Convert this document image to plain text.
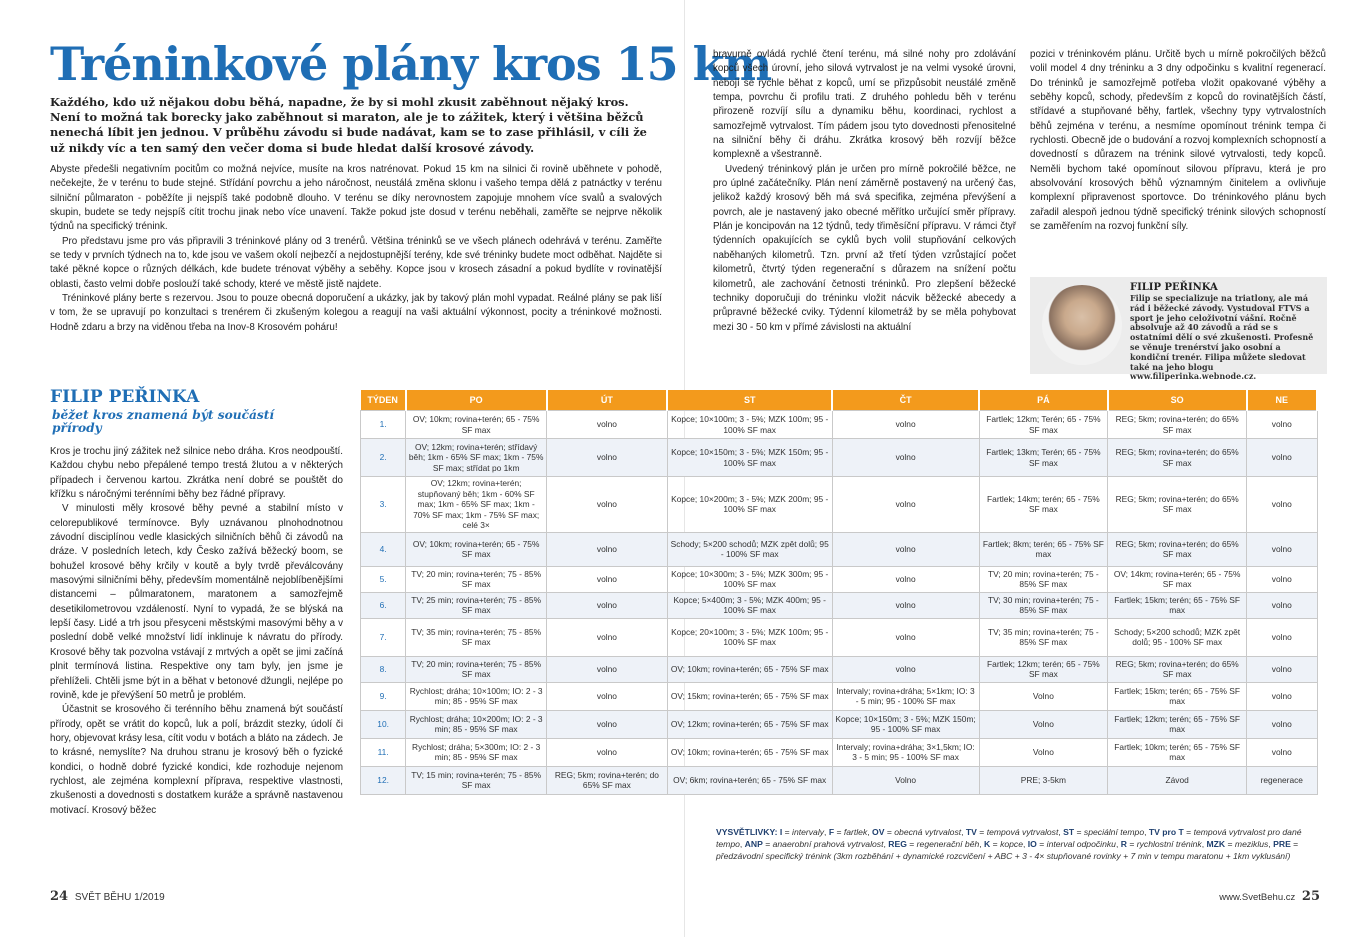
Tréninkové plány kros 15 km
Každého, kdo už nějakou dobu běhá, napadne, že by si mohl zkusit zaběhnout nějaký kros. Není to možná tak borecky jako zaběhnout si maraton, ale je to zážitek, který i většina běžců nenechá líbit jen jednou. V průběhu závodu si bude nadávat, kam se to zase přihlásil, v cíli že už nikdy víc a ten samý den večer doma si bude hledat další krosové závody.

Abyste předešli negativním pocitům co možná nejvíce, musíte na kros natrénovat. Pokud 15 km na silnici či rovině uběhnete v pohodě, nečekejte, že v terénu to bude stejné. Střídání povrchu a jeho náročnost, neustálá změna sklonu i vašeho tempa dělá z patnáctky v terénu silniční půlmaraton - poběžíte ji nejspíš také podobně dlouho. V terénu se díky nerovnostem zapojuje mnohem více svalů a svalových skupin, budete se tedy nejspíš cítit trochu jinak nebo více unavení. Takže pokud jste dosud v terénu neběhali, zaměřte se nejprve několik týdnů na specifický trénink.

Pro představu jsme pro vás připravili 3 tréninkové plány od 3 trenérů. Většina tréninků se ve všech plánech odehrává v terénu. Zaměřte se tedy v prvních týdnech na to, kde jsou ve vašem okolí nejbezčí a nejdostupnější terény, kde své tréninky budete moct odběhat. Najděte si také pěkné kopce o různých délkách, kde budete trénovat výběhy a seběhy. Kopce jsou v krosech zásadní a pokud bydlíte v rovinatější oblasti, často velmi dobře poslouží také schody, které ve městě jistě najdete.

Tréninkové plány berte s rezervou. Jsou to pouze obecná doporučení a ukázky, jak by takový plán mohl vypadat. Reálné plány se pak liší v tom, že se upravují po konzultaci s trenérem či zkušeným kolegou a reagují na vaši aktuální výkonnost, pocity a tréninkové možnosti. Hodně zdaru a brzy na viděnou třeba na Inov-8 Krosovém poháru!

bravurně ovládá rychlé čtení terénu, má silné nohy pro zdolávání kopců všech úrovní, jeho silová vytrvalost je na velmi vysoké úrovni, nebojí se rychle běhat z kopců, umí se přizpůsobit neustálé změně tempa, povrchu či profilu trati. Z druhého pohledu běh v terénu přirozeně rozvíjí sílu a dynamiku běhu, koordinaci, rychlost a samozřejmě vytrvalost. Tím pádem jsou tyto dovednosti přenositelné na silniční běhy či dráhu. Zkrátka krosový běh rozvíjí běžce komplexně a všestranně.

Uvedený tréninkový plán je určen pro mírně pokročilé běžce, ne pro úplné začátečníky. Plán není záměrně postavený na určený čas, jelikož každý krosový běh má svá specifika, zejména převýšení a povrch, ale je nastavený jako obecné měřítko určující směr přípravy. Plán je koncipován na 12 týdnů, tedy třiměsíční přípravu. V rámci čtyř týdenních opakujících se cyklů bych volil stupňování celkových naběhaných kilometrů. Tzn. první až třetí týden vzrůstající počet kilometrů, čtvrtý týden regenerační s důrazem na snížení počtu kilometrů, ale zachování četnosti tréninků. Pro zlepšení běžecké techniky doporučuji do tréninku vložit nácvik běžecké abecedy a průpravné běžecké cviky. Týdenní kilometráž by se měla pohybovat mezi 30 - 50 km v přímé závislosti na aktuální

pozici v tréninkovém plánu. Určitě bych u mírně pokročilých běžců volil model 4 dny tréninku a 3 dny odpočinku s kvalitní regenerací. Do tréninků je samozřejmě potřeba vložit opakované výběhy a seběhy kopců, schody, především z kopců do rovinatějších částí, střídavé a stupňované běhy, fartlek, všechny typy vytrvalostních běhů zejména v terénu, a nesmíme opomínout trénink tempa či rychlosti. Obecně jde o budování a rozvoj komplexních schopností a dovedností s důrazem na trénink silové vytrvalosti, tedy kopců. Neměli bychom také opomínout silovou přípravu, která je pro absolvování krosových běhů významným činitelem a ovlivňuje komplexní připravenost sportovce. Do tréninkového plánu bych zařadil alespoň jednou týdně specifický trénink silových schopností se zaměřením na rozvoj funkční síly.

FILIP PEŘINKA
Filip se specializuje na triatlony, ale má rád i běžecké závody. Vystudoval FTVS a sport je jeho celoživotní vášní. Ročně absolvuje až 40 závodů a rád se s ostatními dělí o své zkušenosti. Profesně se věnuje trenérství jako osobní a kondiční trenér. Filipa můžete sledovat také na jeho blogu www.filiperinka.webnode.cz.
FILIP PEŘINKA
běžet kros znamená být součástí přírody

Kros je trochu jiný zážitek než silnice nebo dráha. Kros neodpouští. Každou chybu nebo přepálené tempo trestá žlutou a v některých případech i červenou kartou. Zkrátka není dobré se pouštět do křížku s náročnými terénními běhy bez řádné přípravy.

V minulosti měly krosové běhy pevné a stabilní místo v celorepublikové termínovce. Byly uznávanou plnohodnotnou závodní disciplínou vedle klasických silničních běhů či závodů na dráze. V posledních letech, kdy Česko zažívá běžecký boom, se bohužel krosové běhy krčily v koutě a byly tvrdě převálcovány masovými silničními běhy, především momentálně nejoblíbenějšími distancemi – půlmaratonem, maratonem a samozřejmě desetikilometrovou vzdáleností. Nyní to vypadá, že se blýská na lepší časy. Lidé a trh jsou přesyceni městskými masovými běhy a v poslední době velké množství lidí inklinuje k návratu do přírody. Krosové běhy tak pozvolna vstávají z mrtvých a opět se jimi začíná plnit termínová listina. Respektive ony tam byly, jen jsme je přehlíželi. Chtěli jsme být in a běhat v betonové džungli, nejlépe po rovině, kde je převýšení 50 metrů je problém.

Účastnit se krosového či terénního běhu znamená být součástí přírody, opět se vrátit do kopců, luk a polí, brázdit stezky, údolí či hory, objevovat krásy lesa, cítit vodu v botách a bláto na zádech. Je to krásné, nemyslíte? Na druhou stranu je krosový běh o fyzické kondici, o hodně dobré fyzické kondici, kde rozhoduje nejenom rychlost, ale zejména komplexní příprava, respektive vlastnosti, zkušenosti a dovednosti s dostatkem kuráže a správně nastavenou motivací. Krosový běžec

TÝDEN	PO	ÚT	ST	ČT	PÁ	SO	NE
1.	OV; 10km; rovina+terén; 65 - 75% SF max	volno	Kopce; 10×100m; 3 - 5%; MZK 100m; 95 - 100% SF max	volno	Fartlek; 12km; Terén; 65 - 75% SF max	REG; 5km; rovina+terén; do 65% SF max	volno
2.	OV; 12km; rovina+terén; střídavý běh; 1km - 65% SF max; 1km - 75% SF max; střídat po 1km	volno	Kopce; 10×150m; 3 - 5%; MZK 150m; 95 - 100% SF max	volno	Fartlek; 13km; Terén; 65 - 75% SF max	REG; 5km; rovina+terén; do 65% SF max	volno
3.	OV; 12km; rovina+terén; stupňovaný běh; 1km - 60% SF max; 1km - 65% SF max; 1km - 70% SF max; 1km - 75% SF max; celé 3×	volno	Kopce; 10×200m; 3 - 5%; MZK 200m; 95 - 100% SF max	volno	Fartlek; 14km; terén; 65 - 75% SF max	REG; 5km; rovina+terén; do 65% SF max	volno
4.	OV; 10km; rovina+terén; 65 - 75% SF max	volno	Schody; 5×200 schodů; MZK zpět dolů; 95 - 100% SF max	volno	Fartlek; 8km; terén; 65 - 75% SF max	REG; 5km; rovina+terén; do 65% SF max	volno
5.	TV; 20 min; rovina+terén; 75 - 85% SF max	volno	Kopce; 10×300m; 3 - 5%; MZK 300m; 95 - 100% SF max	volno	TV; 20 min; rovina+terén; 75 - 85% SF max	OV; 14km; rovina+terén; 65 - 75% SF max	volno
6.	TV; 25 min; rovina+terén; 75 - 85% SF max	volno	Kopce; 5×400m; 3 - 5%; MZK 400m; 95 - 100% SF max	volno	TV; 30 min; rovina+terén; 75 - 85% SF max	Fartlek; 15km; terén; 65 - 75% SF max	volno
7.	TV; 35 min; rovina+terén; 75 - 85% SF max	volno	Kopce; 20×100m; 3 - 5%; MZK 100m; 95 - 100% SF max	volno	TV; 35 min; rovina+terén; 75 - 85% SF max	Schody; 5×200 schodů; MZK zpět dolů; 95 - 100% SF max	volno
8.	TV; 20 min; rovina+terén; 75 - 85% SF max	volno	OV; 10km; rovina+terén; 65 - 75% SF max	volno	Fartlek; 12km; terén; 65 - 75% SF max	REG; 5km; rovina+terén; do 65% SF max	volno
9.	Rychlost; dráha; 10×100m; IO: 2 - 3 min; 85 - 95% SF max	volno	OV; 15km; rovina+terén; 65 - 75% SF max	Intervaly; rovina+dráha; 5×1km; IO: 3 - 5 min; 95 - 100% SF max	Volno	Fartlek; 15km; terén; 65 - 75% SF max	volno
10.	Rychlost; dráha; 10×200m; IO: 2 - 3 min; 85 - 95% SF max	volno	OV; 12km; rovina+terén; 65 - 75% SF max	Kopce; 10×150m; 3 - 5%; MZK 150m; 95 - 100% SF max	Volno	Fartlek; 12km; terén; 65 - 75% SF max	volno
11.	Rychlost; dráha; 5×300m; IO: 2 - 3 min; 85 - 95% SF max	volno	OV; 10km; rovina+terén; 65 - 75% SF max	Intervaly; rovina+dráha; 3×1,5km; IO: 3 - 5 min; 95 - 100% SF max	Volno	Fartlek; 10km; terén; 65 - 75% SF max	volno
12.	TV; 15 min; rovina+terén; 75 - 85% SF max	REG; 5km; rovina+terén; do 65% SF max	OV; 6km; rovina+terén; 65 - 75% SF max	Volno	PRE; 3-5km	Závod	regenerace
VYSVĚTLIVKY: I = intervaly, F = fartlek, OV = obecná vytrvalost, TV = tempová vytrvalost, ST = speciální tempo, TV pro T = tempová vytrvalost pro dané tempo, ANP = anaerobní prahová vytrvalost, REG = regenerační běh, K = kopce, IO = interval odpočinku, R = rychlostní trénink, MZK = meziklus, PRE = předzávodní specifický trénink (3km rozběhání + dynamické rozcvičení + ABC + 3 - 4× stupňované rovinky + 7 min v tempu maratonu + 1km vyklusání)
24 SVĚT BĚHU 1/2019	www.SvetBehu.cz 25
